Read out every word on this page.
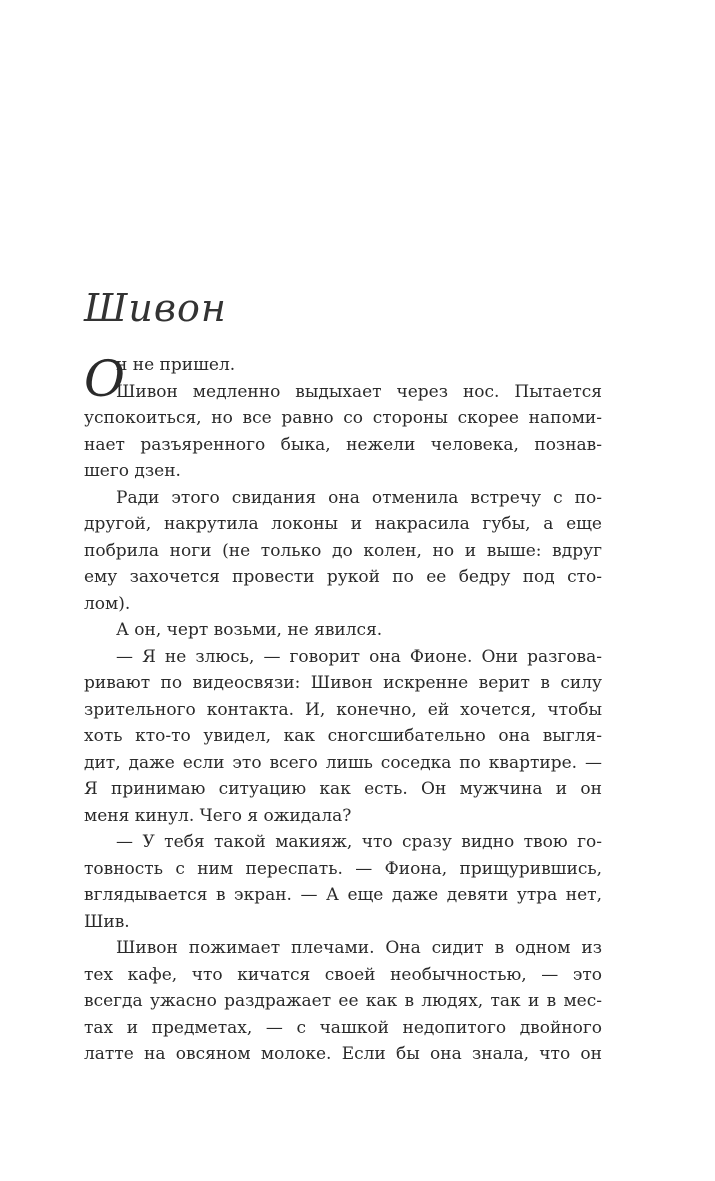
Шивон
О
н не пришел.
Шивон медленно выдыхает через нос. Пытается
успокоиться, но все равно со стороны скорее напоми-
нает разъяренного быка, нежели человека, познав-
шего дзен.
Ради этого свидания она отменила встречу с по-
другой, накрутила локоны и накрасила губы, а еще
побрила ноги (не только до колен, но и выше: вдруг
ему захочется провести рукой по ее бедру под сто-
лом).
А он, черт возьми, не явился.
— Я не злюсь, — говорит она Фионе. Они разгова-
ривают по видеосвязи: Шивон искренне верит в силу
зрительного контакта. И, конечно, ей хочется, чтобы
хоть кто-то увидел, как сногсшибательно она выгля-
дит, даже если это всего лишь соседка по квартире. —
Я принимаю ситуацию как есть. Он мужчина и он
меня кинул. Чего я ожидала?
— У тебя такой макияж, что сразу видно твою го-
товность с ним переспать. — Фиона, прищурившись,
вглядывается в экран. — А еще даже девяти утра нет,
Шив.
Шивон пожимает плечами. Она сидит в одном из
тех кафе, что кичатся своей необычностью, — это
всегда ужасно раздражает ее как в людях, так и в мес-
тах и предметах, — с чашкой недопитого двойного
латте на овсяном молоке. Если бы она знала, что он
